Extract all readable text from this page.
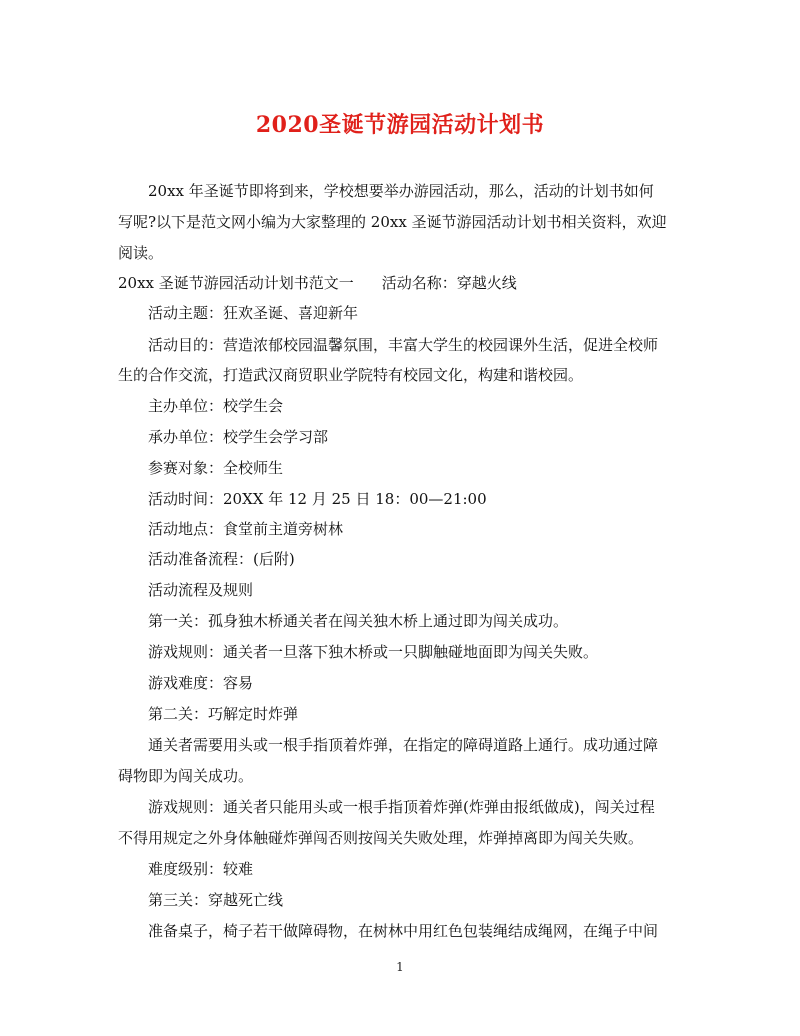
2020圣诞节游园活动计划书
20xx 年圣诞节即将到来，学校想要举办游园活动，那么，活动的计划书如何
写呢?以下是范文网小编为大家整理的 20xx 圣诞节游园活动计划书相关资料，欢迎
阅读。
20xx 圣诞节游园活动计划书范文一 活动名称：穿越火线
活动主题：狂欢圣诞、喜迎新年
活动目的：营造浓郁校园温馨氛围，丰富大学生的校园课外生活，促进全校师
生的合作交流，打造武汉商贸职业学院特有校园文化，构建和谐校园。
主办单位：校学生会
承办单位：校学生会学习部
参赛对象：全校师生
活动时间：20XX 年 12 月 25 日 18：00—21:00
活动地点：食堂前主道旁树林
活动准备流程：(后附)
活动流程及规则
第一关：孤身独木桥通关者在闯关独木桥上通过即为闯关成功。
游戏规则：通关者一旦落下独木桥或一只脚触碰地面即为闯关失败。
游戏难度：容易
第二关：巧解定时炸弹
通关者需要用头或一根手指顶着炸弹，在指定的障碍道路上通行。成功通过障
碍物即为闯关成功。
游戏规则：通关者只能用头或一根手指顶着炸弹(炸弹由报纸做成)，闯关过程
不得用规定之外身体触碰炸弹闯否则按闯关失败处理，炸弹掉离即为闯关失败。
难度级别：较难
第三关：穿越死亡线
准备桌子，椅子若干做障碍物，在树林中用红色包装绳结成绳网，在绳子中间
1
